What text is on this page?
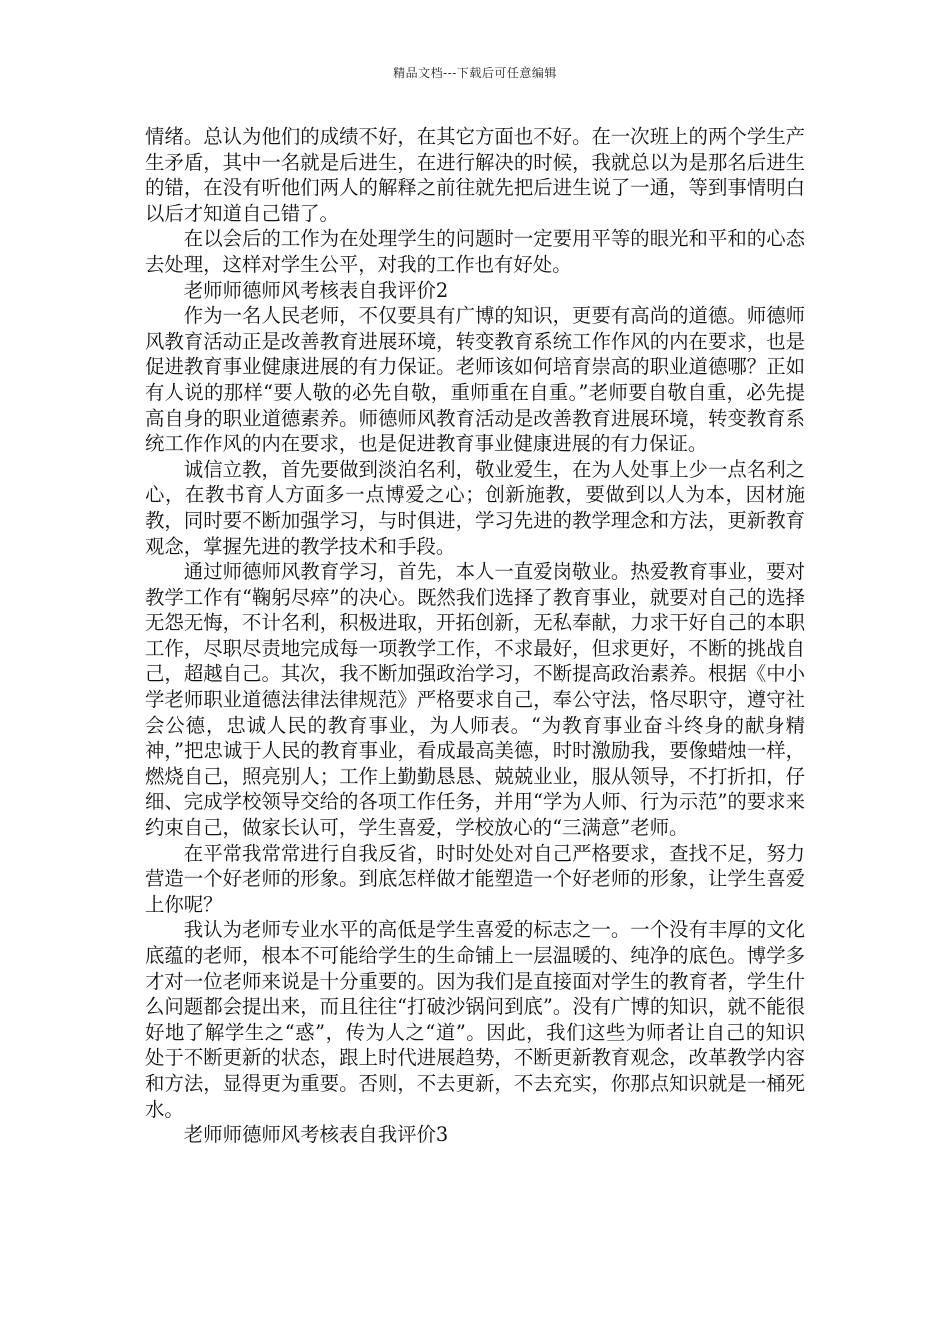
精品文档---下载后可任意编辑

情绪。总认为他们的成绩不好，在其它方面也不好。在一次班上的两个学生产生矛盾，其中一名就是后进生，在进行解决的时候，我就总以为是那名后进生的错，在没有听他们两人的解释之前往就先把后进生说了一通，等到事情明白以后才知道自己错了。

在以会后的工作为在处理学生的问题时一定要用平等的眼光和平和的心态去处理，这样对学生公平，对我的工作也有好处。

老师师德师风考核表自我评价2

作为一名人民老师，不仅要具有广博的知识，更要有高尚的道德。师德师风教育活动正是改善教育进展环境，转变教育系统工作作风的内在要求，也是促进教育事业健康进展的有力保证。老师该如何培育崇高的职业道德哪？正如有人说的那样“要人敬的必先自敬，重师重在自重。”老师要自敬自重，必先提高自身的职业道德素养。师德师风教育活动是改善教育进展环境，转变教育系统工作作风的内在要求，也是促进教育事业健康进展的有力保证。

诚信立教，首先要做到淡泊名利，敬业爱生，在为人处事上少一点名利之心，在教书育人方面多一点博爱之心；创新施教，要做到以人为本，因材施教，同时要不断加强学习，与时俱进，学习先进的教学理念和方法，更新教育观念，掌握先进的教学技术和手段。

通过师德师风教育学习，首先，本人一直爱岗敬业。热爱教育事业，要对教学工作有“鞠躬尽瘁”的决心。既然我们选择了教育事业，就要对自己的选择无怨无悔，不计名利，积极进取，开拓创新，无私奉献，力求干好自己的本职工作，尽职尽责地完成每一项教学工作，不求最好，但求更好，不断的挑战自己，超越自己。其次，我不断加强政治学习，不断提高政治素养。根据《中小学老师职业道德法律法律规范》严格要求自己，奉公守法，恪尽职守，遵守社会公德，忠诚人民的教育事业，为人师表。“为教育事业奋斗终身的献身精神，”把忠诚于人民的教育事业，看成最高美德，时时激励我，要像蜡烛一样，燃烧自己，照亮别人；工作上勤勤恳恳、兢兢业业，服从领导，不打折扣，仔细、完成学校领导交给的各项工作任务，并用“学为人师、行为示范”的要求来约束自己，做家长认可，学生喜爱，学校放心的“三满意”老师。

在平常我常常进行自我反省，时时处处对自己严格要求，查找不足，努力营造一个好老师的形象。到底怎样做才能塑造一个好老师的形象，让学生喜爱上你呢？

我认为老师专业水平的高低是学生喜爱的标志之一。一个没有丰厚的文化底蕴的老师，根本不可能给学生的生命铺上一层温暖的、纯净的底色。博学多才对一位老师来说是十分重要的。因为我们是直接面对学生的教育者，学生什么问题都会提出来，而且往往“打破沙锅问到底”。没有广博的知识，就不能很好地了解学生之“惑”，传为人之“道”。因此，我们这些为师者让自己的知识处于不断更新的状态，跟上时代进展趋势，不断更新教育观念，改革教学内容和方法，显得更为重要。否则，不去更新，不去充实，你那点知识就是一桶死水。

老师师德师风考核表自我评价3
